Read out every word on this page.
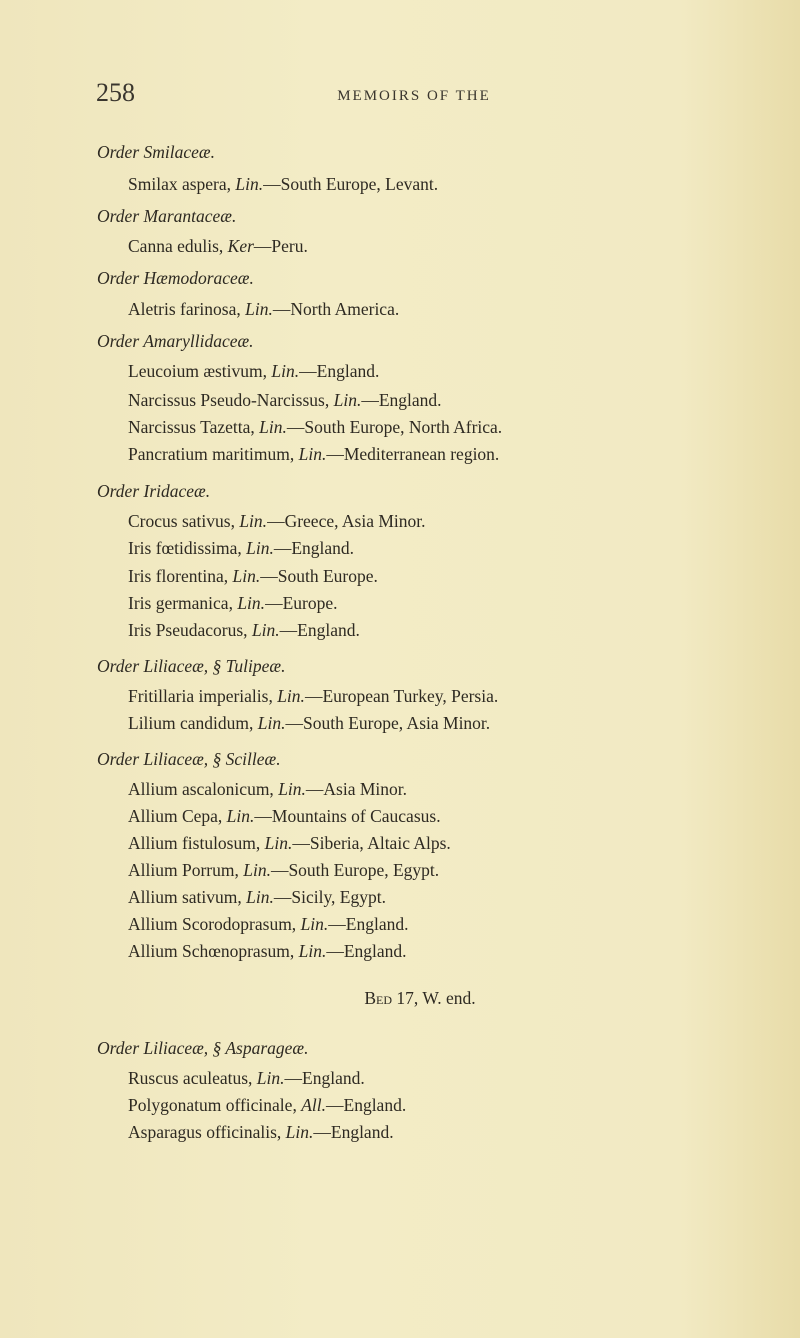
258	MEMOIRS OF THE
Order Smilaceæ.
Smilax aspera, Lin.—South Europe, Levant.
Order Marantaceæ.
Canna edulis, Ker—Peru.
Order Hæmodoraceæ.
Aletris farinosa, Lin.—North America.
Order Amaryllidaceæ.
Leucoium æstivum, Lin.—England.
Narcissus Pseudo-Narcissus, Lin.—England.
Narcissus Tazetta, Lin.—South Europe, North Africa.
Pancratium maritimum, Lin.—Mediterranean region.
Order Iridaceæ.
Crocus sativus, Lin.—Greece, Asia Minor.
Iris fœtidissima, Lin.—England.
Iris florentina, Lin.—South Europe.
Iris germanica, Lin.—Europe.
Iris Pseudacorus, Lin.—England.
Order Liliaceæ, § Tulipeæ.
Fritillaria imperialis, Lin.—European Turkey, Persia.
Lilium candidum, Lin.—South Europe, Asia Minor.
Order Liliaceæ, § Scilleæ.
Allium ascalonicum, Lin.—Asia Minor.
Allium Cepa, Lin.—Mountains of Caucasus.
Allium fistulosum, Lin.—Siberia, Altaic Alps.
Allium Porrum, Lin.—South Europe, Egypt.
Allium sativum, Lin.—Sicily, Egypt.
Allium Scorodoprasum, Lin.—England.
Allium Schœnoprasum, Lin.—England.
Order Liliaceæ, § Asparageæ.
Ruscus aculeatus, Lin.—England.
Polygonatum officinale, All.—England.
Asparagus officinalis, Lin.—England.
Bed 17, W. end.
